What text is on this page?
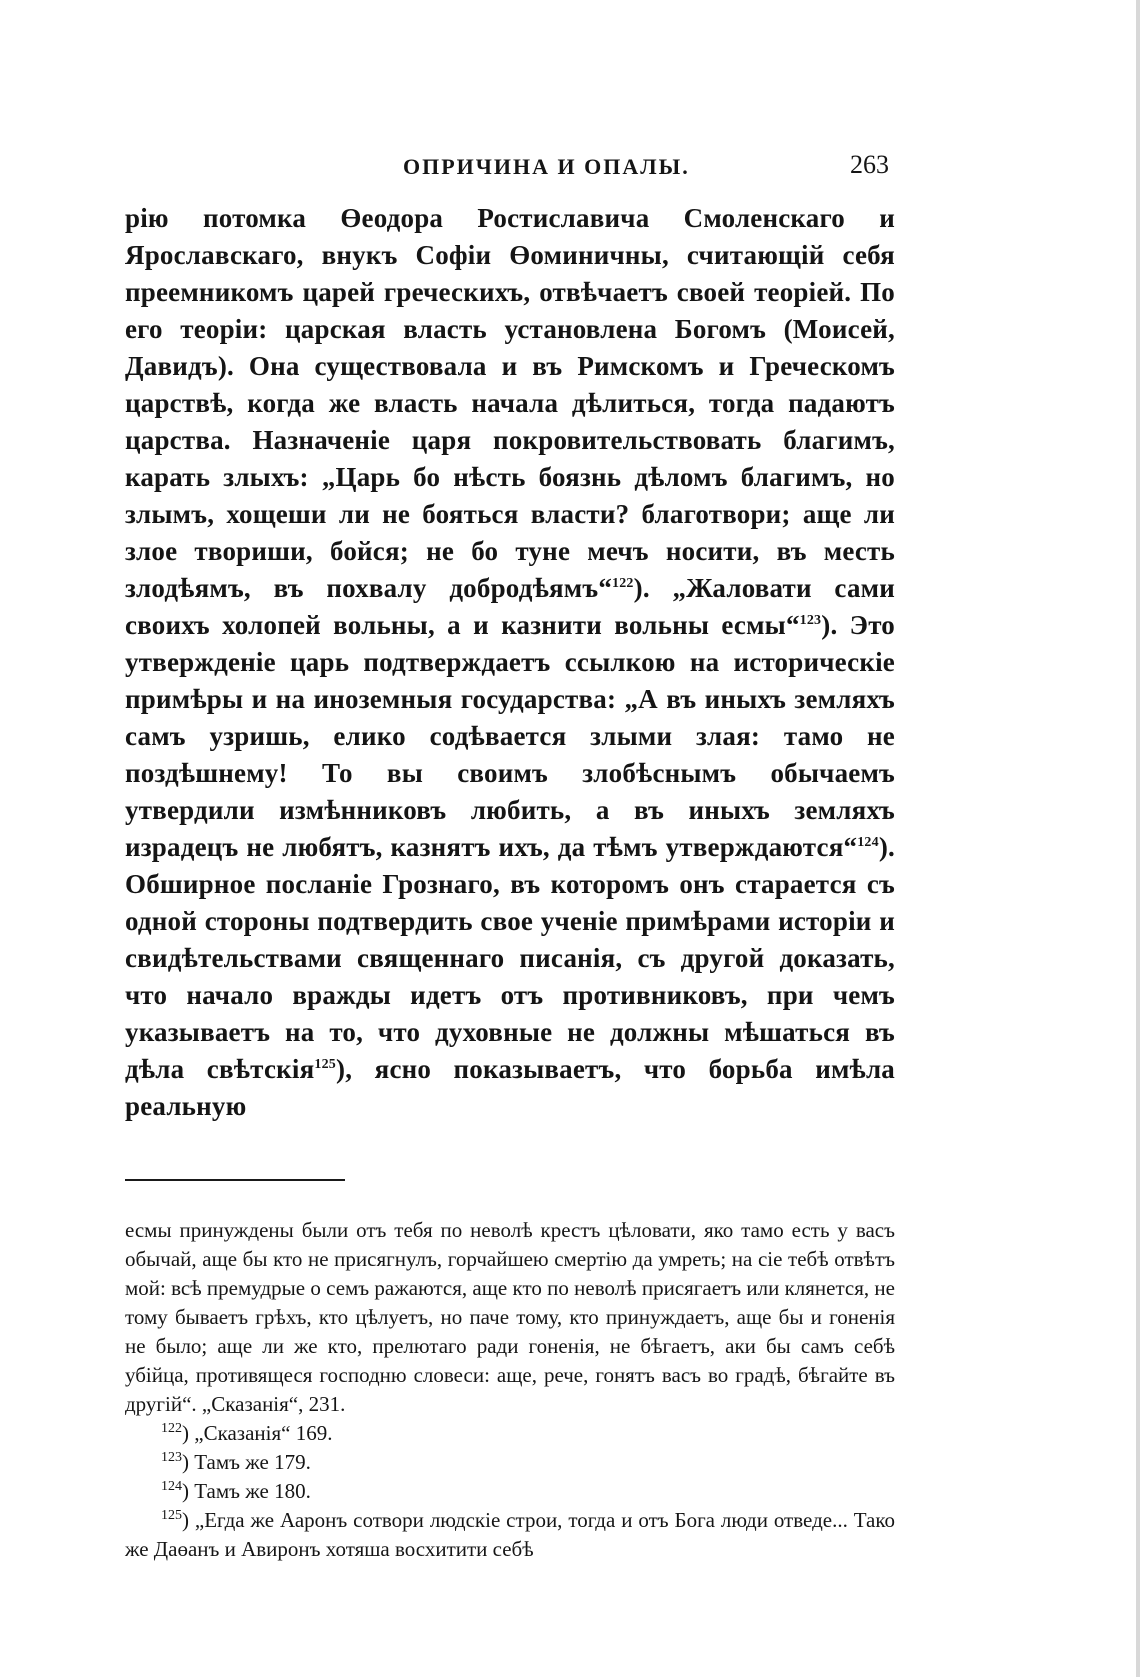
ОПРИЧИНА И ОПАЛЫ.	263
рію потомка Өеодора Ростиславича Смоленскаго и Ярославскаго, внукъ Софіи Өоминичны, считающій себя преемникомъ царей греческихъ, отвѣчаетъ своей теоріей. По его теоріи: царская власть установлена Богомъ (Моисей, Давидъ). Она существовала и въ Римскомъ и Греческомъ царствѣ, когда же власть начала дѣлиться, тогда падаютъ царства. Назначеніе царя покровительствовать благимъ, карать злыхъ: „Царь бо нѣсть боязнь дѣломъ благимъ, но злымъ, хощеши ли не бояться власти? благотвори; аще ли злое твориши, бойся; не бо туне мечъ носити, въ месть злодѣямъ, въ похвалу добродѣямъ“$^{122}$). „Жаловати сами своихъ холопей вольны, а и казнити вольны есмы“$^{123}$). Это утвержденіе царь подтверждаетъ ссылкою на историческіе примѣры и на иноземныя государства: „А въ иныхъ земляхъ самъ узришь, елико содѣвается злыми злая: тамо не поздѣшнему! То вы своимъ злобѣснымъ обычаемъ утвердили измѣнниковъ любить, а въ иныхъ земляхъ израдецъ не любятъ, казнятъ ихъ, да тѣмъ утверждаются“$^{124}$). Обширное посланіе Грознаго, въ которомъ онъ старается съ одной стороны подтвердить свое ученіе примѣрами исторіи и свидѣтельствами священнаго писанія, съ другой доказать, что начало вражды идетъ отъ противниковъ, при чемъ указываетъ на то, что духовные не должны мѣшаться въ дѣла свѣтскія$^{125}$), ясно показываетъ, что борьба имѣла реальную

есмы принуждены были отъ тебя по неволѣ крестъ цѣловати, яко тамо есть у васъ обычай, аще бы кто не присягнулъ, горчайшею смертію да умреть; на сіе тебѣ отвѣтъ мой: всѣ премудрые о семъ ражаются, аще кто по неволѣ присягаетъ или клянется, не тому бываетъ грѣхъ, кто цѣлуетъ, но паче тому, кто принуждаетъ, аще бы и гоненія не было; аще ли же кто, прелютаго ради гоненія, не бѣгаетъ, аки бы самъ себѣ убійца, противящеся господню словеси: аще, рече, гонятъ васъ во градѣ, бѣгайте въ другій“. „Сказанія“, 231.

$^{122}$) „Сказанія“ 169.

$^{123}$) Тамъ же 179.

$^{124}$) Тамъ же 180.

$^{125}$) „Егда же Ааронъ сотвори людскіе строи, тогда и отъ Бога люди отведе... Тако же Даөанъ и Авиронъ хотяша восхитити себѣ
